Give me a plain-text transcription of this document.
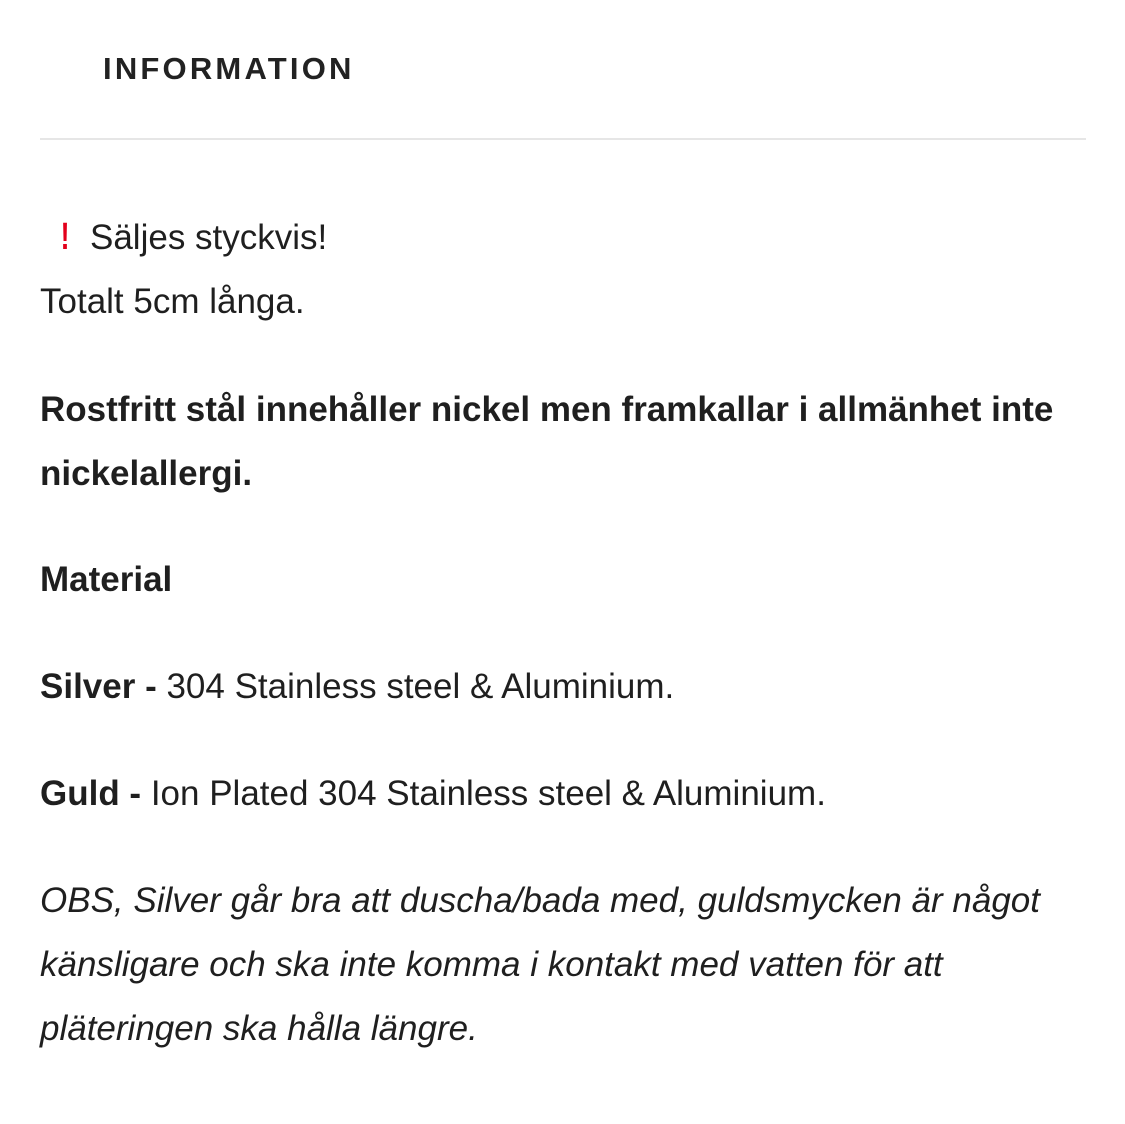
INFORMATION
! Säljes styckvis!
Totalt 5cm långa.
Rostfritt stål innehåller nickel men framkallar i allmänhet inte nickelallergi.
Material
Silver - 304 Stainless steel & Aluminium.
Guld - Ion Plated 304 Stainless steel & Aluminium.
OBS, Silver går bra att duscha/bada med, guldsmycken är något känsligare och ska inte komma i kontakt med vatten för att pläteringen ska hålla längre.
